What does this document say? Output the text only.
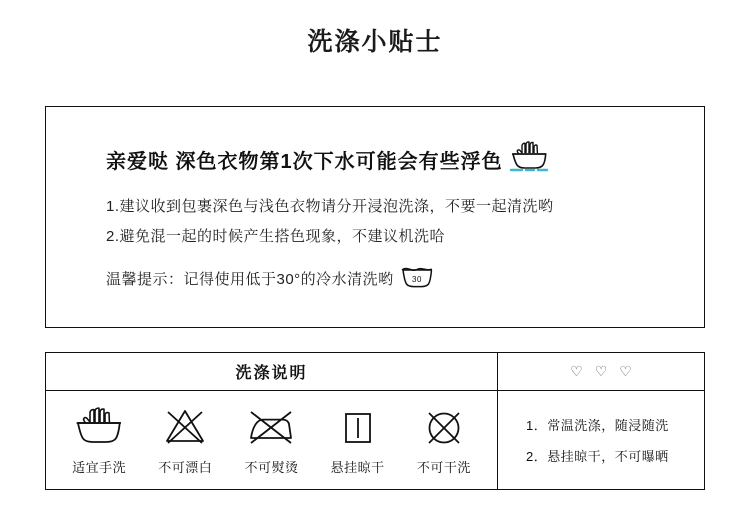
洗涤小贴士
亲爱哒 深色衣物第1次下水可能会有些浮色
1.建议收到包裹深色与浅色衣物请分开浸泡洗涤，不要一起清洗哟
2.避免混一起的时候产生搭色现象，不建议机洗哈
温馨提示：记得使用低于30°的冷水清洗哟 30
洗涤说明
适宜手洗 不可漂白 不可熨烫 悬挂晾干 不可干洗
♡ ♡ ♡
1．常温洗涤，随浸随洗
2．悬挂晾干，不可曝晒
